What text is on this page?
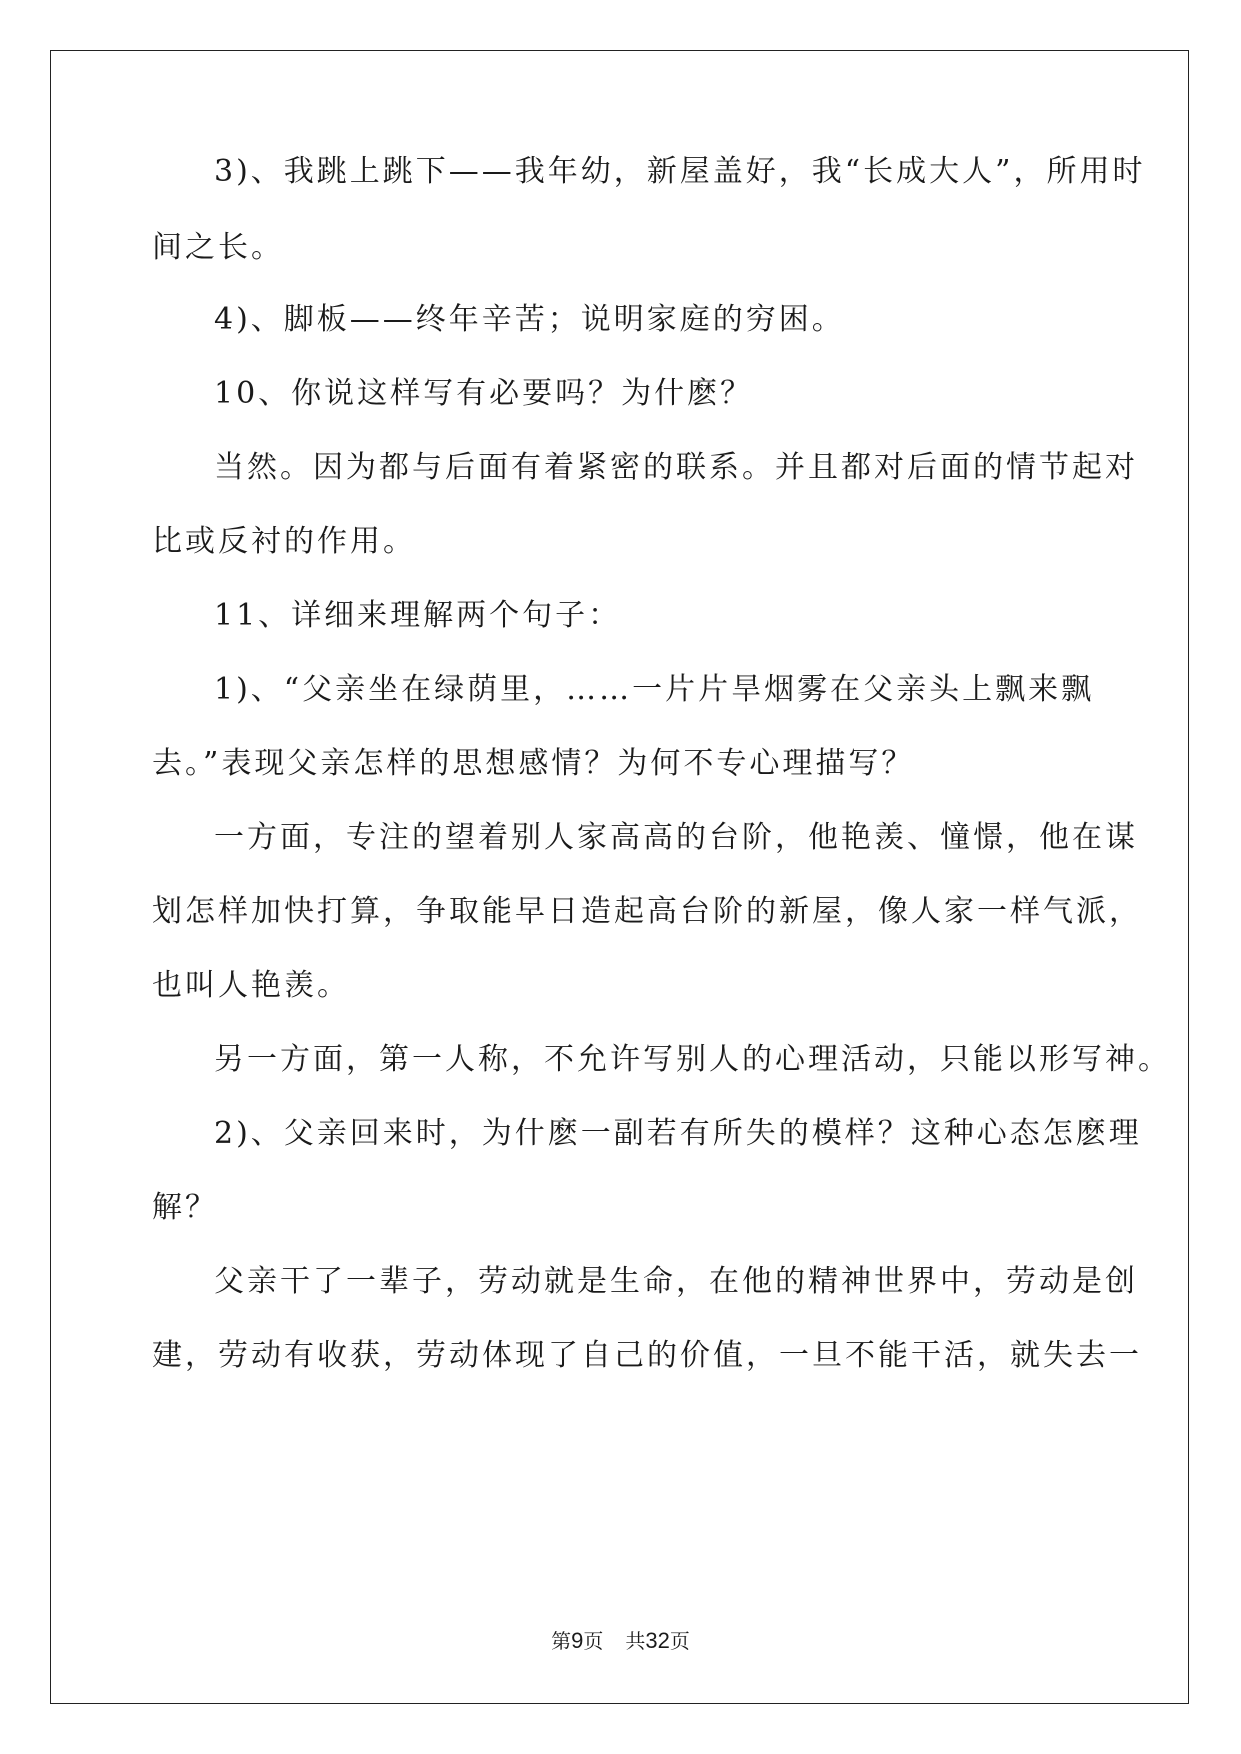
3)、我跳上跳下——我年幼，新屋盖好，我“长成大人”，所用时
间之长。
4)、脚板——终年辛苦；说明家庭的穷困。
10、你说这样写有必要吗？为什麽？
当然。因为都与后面有着紧密的联系。并且都对后面的情节起对
比或反衬的作用。
11、详细来理解两个句子：
1)、“父亲坐在绿荫里，……一片片旱烟雾在父亲头上飘来飘
去。”表现父亲怎样的思想感情？为何不专心理描写？
一方面，专注的望着别人家高高的台阶，他艳羡、憧憬，他在谋
划怎样加快打算，争取能早日造起高台阶的新屋，像人家一样气派，
也叫人艳羡。
另一方面，第一人称，不允许写别人的心理活动，只能以形写神。
2)、父亲回来时，为什麽一副若有所失的模样？这种心态怎麽理
解？
父亲干了一辈子，劳动就是生命，在他的精神世界中，劳动是创
建，劳动有收获，劳动体现了自己的价值，一旦不能干活，就失去一
第9页 共32页
